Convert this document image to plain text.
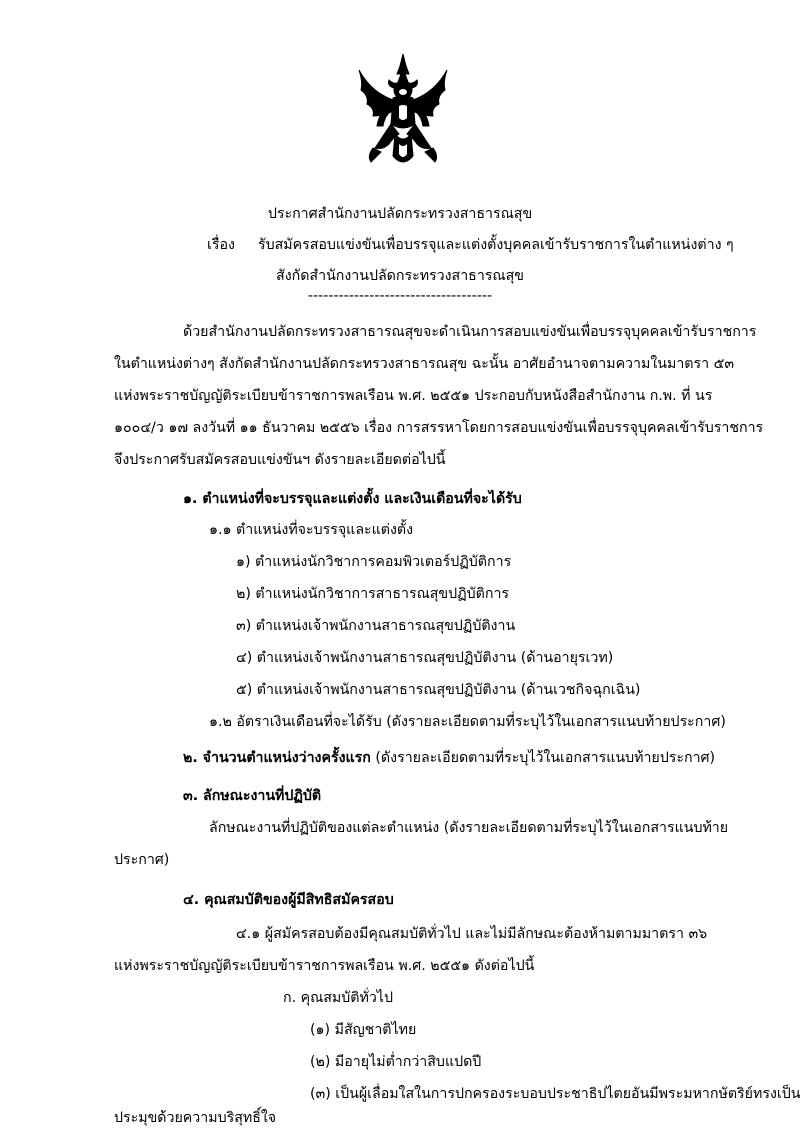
ประกาศสำนักงานปลัดกระทรวงสาธารณสุข

เรื่อง รับสมัครสอบแข่งขันเพื่อบรรจุและแต่งตั้งบุคคลเข้ารับราชการในตำแหน่งต่าง ๆ

สังกัดสำนักงานปลัดกระทรวงสาธารณสุข

------------------------------------

ด้วยสำนักงานปลัดกระทรวงสาธารณสุขจะดำเนินการสอบแข่งขันเพื่อบรรจุบุคคลเข้ารับราชการ

ในตำแหน่งต่างๆ สังกัดสำนักงานปลัดกระทรวงสาธารณสุข ฉะนั้น อาศัยอำนาจตามความในมาตรา ๕๓

แห่งพระราชบัญญัติระเบียบข้าราชการพลเรือน พ.ศ. ๒๕๕๑ ประกอบกับหนังสือสำนักงาน ก.พ. ที่ นร

๑๐๐๔/ว ๑๗ ลงวันที่ ๑๑ ธันวาคม ๒๕๕๖ เรื่อง การสรรหาโดยการสอบแข่งขันเพื่อบรรจุบุคคลเข้ารับราชการ

จึงประกาศรับสมัครสอบแข่งขันฯ ดังรายละเอียดต่อไปนี้

๑. ตำแหน่งที่จะบรรจุและแต่งตั้ง และเงินเดือนที่จะได้รับ

๑.๑ ตำแหน่งที่จะบรรจุและแต่งตั้ง

๑) ตำแหน่งนักวิชาการคอมพิวเตอร์ปฏิบัติการ

๒) ตำแหน่งนักวิชาการสาธารณสุขปฏิบัติการ

๓) ตำแหน่งเจ้าพนักงานสาธารณสุขปฏิบัติงาน

๔) ตำแหน่งเจ้าพนักงานสาธารณสุขปฏิบัติงาน (ด้านอายุรเวท)

๕) ตำแหน่งเจ้าพนักงานสาธารณสุขปฏิบัติงาน (ด้านเวชกิจฉุกเฉิน)

๑.๒ อัตราเงินเดือนที่จะได้รับ (ดังรายละเอียดตามที่ระบุไว้ในเอกสารแนบท้ายประกาศ)

๒. จำนวนตำแหน่งว่างครั้งแรก (ดังรายละเอียดตามที่ระบุไว้ในเอกสารแนบท้ายประกาศ)

๓. ลักษณะงานที่ปฏิบัติ

ลักษณะงานที่ปฏิบัติของแต่ละตำแหน่ง (ดังรายละเอียดตามที่ระบุไว้ในเอกสารแนบท้าย

ประกาศ)

๔. คุณสมบัติของผู้มีสิทธิสมัครสอบ

๔.๑ ผู้สมัครสอบต้องมีคุณสมบัติทั่วไป และไม่มีลักษณะต้องห้ามตามมาตรา ๓๖

แห่งพระราชบัญญัติระเบียบข้าราชการพลเรือน พ.ศ. ๒๕๕๑ ดังต่อไปนี้

ก. คุณสมบัติทั่วไป

(๑) มีสัญชาติไทย

(๒) มีอายุไม่ต่ำกว่าสิบแปดปี

(๓) เป็นผู้เลื่อมใสในการปกครองระบอบประชาธิปไตยอันมีพระมหากษัตริย์ทรงเป็น

ประมุขด้วยความบริสุทธิ์ใจ
